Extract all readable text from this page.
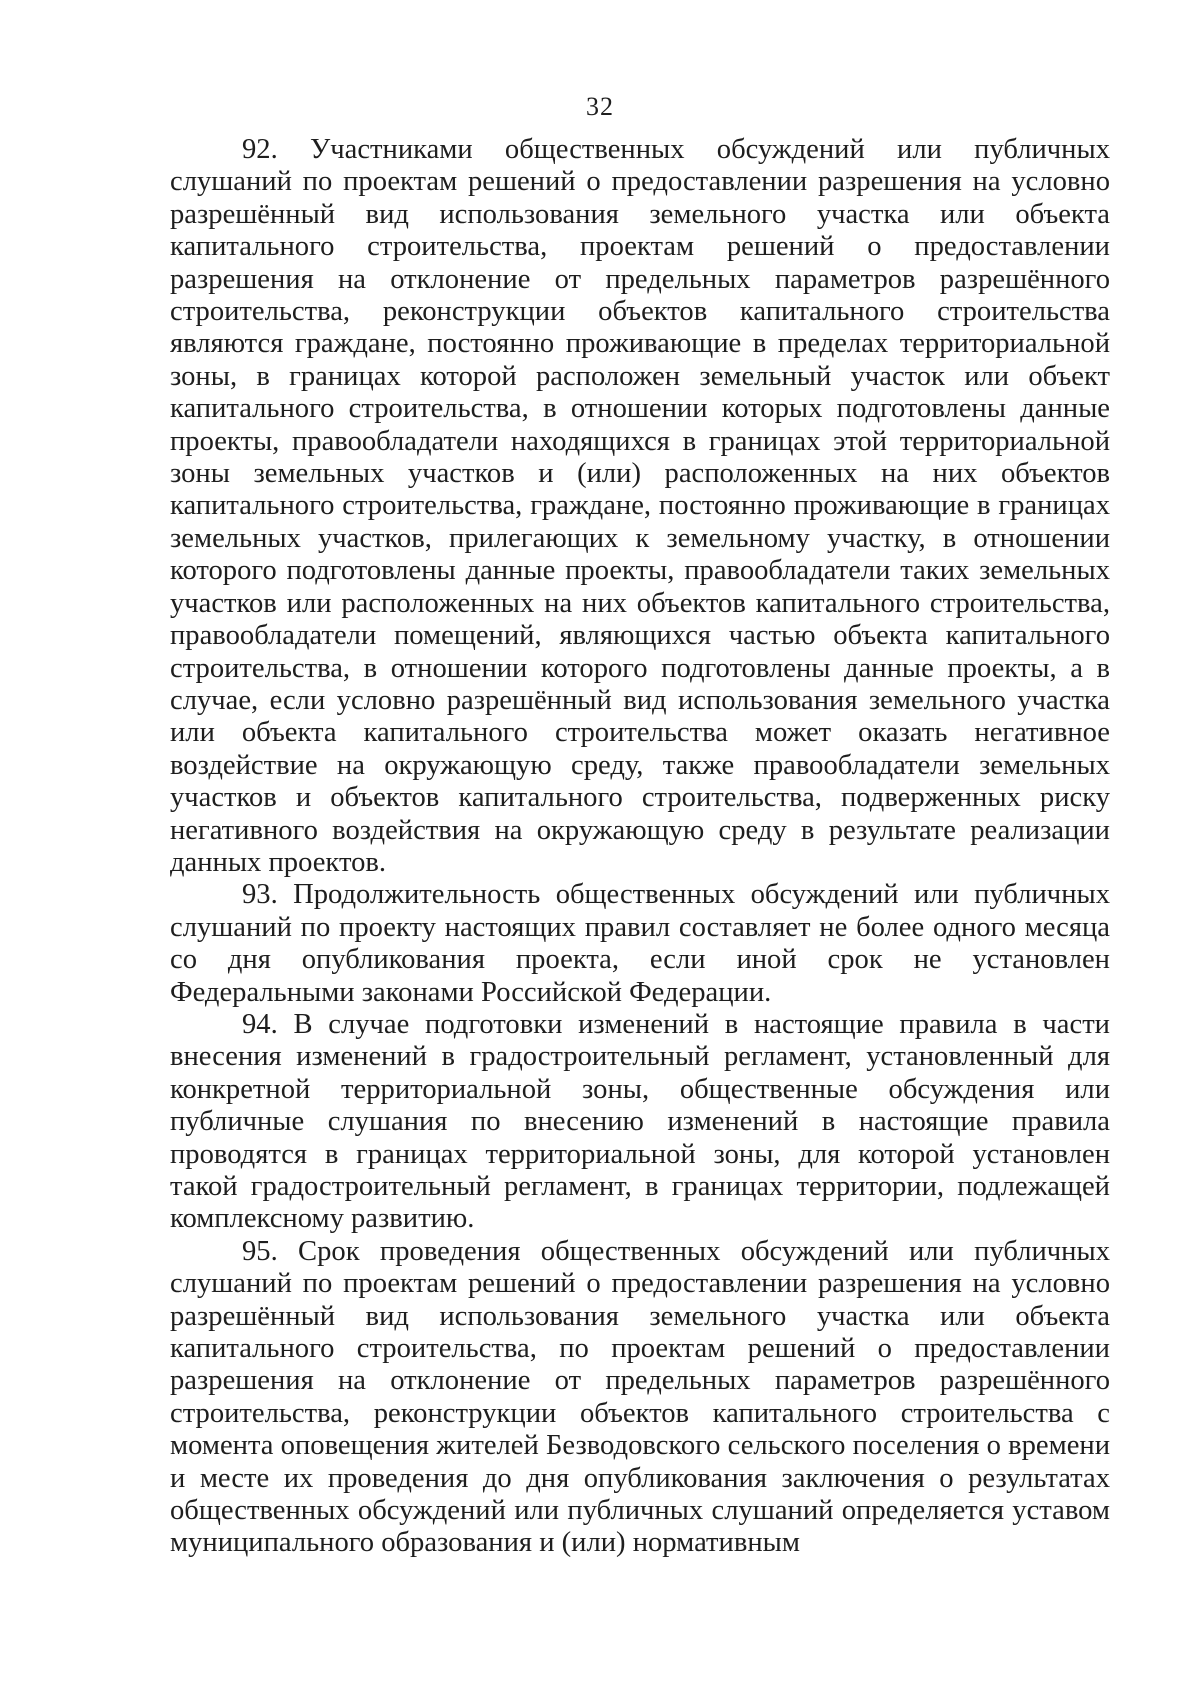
32

92. Участниками общественных обсуждений или публичных слушаний по проектам решений о предоставлении разрешения на условно разрешённый вид использования земельного участка или объекта капитального строительства, проектам решений о предоставлении разрешения на отклонение от предельных параметров разрешённого строительства, реконструкции объектов капитального строительства являются граждане, постоянно проживающие в пределах территориальной зоны, в границах которой расположен земельный участок или объект капитального строительства, в отношении которых подготовлены данные проекты, правообладатели находящихся в границах этой территориальной зоны земельных участков и (или) расположенных на них объектов капитального строительства, граждане, постоянно проживающие в границах земельных участков, прилегающих к земельному участку, в отношении которого подготовлены данные проекты, правообладатели таких земельных участков или расположенных на них объектов капитального строительства, правообладатели помещений, являющихся частью объекта капитального строительства, в отношении которого подготовлены данные проекты, а в случае, если условно разрешённый вид использования земельного участка или объекта капитального строительства может оказать негативное воздействие на окружающую среду, также правообладатели земельных участков и объектов капитального строительства, подверженных риску негативного воздействия на окружающую среду в результате реализации данных проектов.

93. Продолжительность общественных обсуждений или публичных слушаний по проекту настоящих правил составляет не более одного месяца со дня опубликования проекта, если иной срок не установлен Федеральными законами Российской Федерации.

94. В случае подготовки изменений в настоящие правила в части внесения изменений в градостроительный регламент, установленный для конкретной территориальной зоны, общественные обсуждения или публичные слушания по внесению изменений в настоящие правила проводятся в границах территориальной зоны, для которой установлен такой градостроительный регламент, в границах территории, подлежащей комплексному развитию.

95. Срок проведения общественных обсуждений или публичных слушаний по проектам решений о предоставлении разрешения на условно разрешённый вид использования земельного участка или объекта капитального строительства, по проектам решений о предоставлении разрешения на отклонение от предельных параметров разрешённого строительства, реконструкции объектов капитального строительства с момента оповещения жителей Безводовского сельского поселения о времени и месте их проведения до дня опубликования заключения о результатах общественных обсуждений или публичных слушаний определяется уставом муниципального образования и (или) нормативным
